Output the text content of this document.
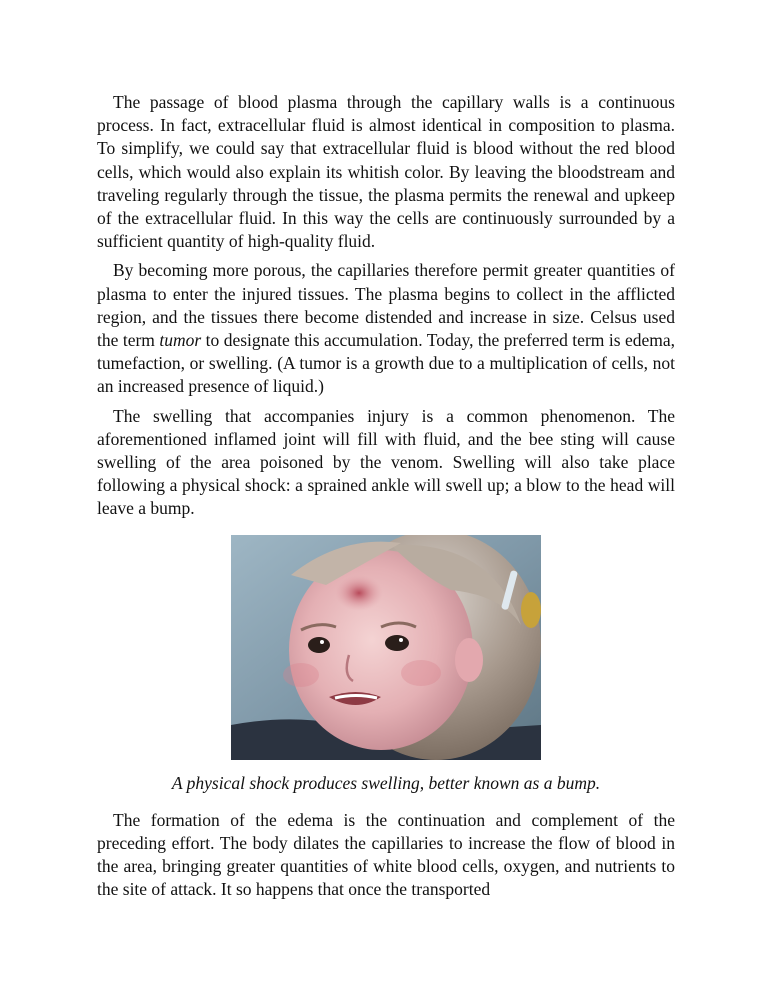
The passage of blood plasma through the capillary walls is a continuous process. In fact, extracellular fluid is almost identical in composition to plasma. To simplify, we could say that extracellular fluid is blood without the red blood cells, which would also explain its whitish color. By leaving the bloodstream and traveling regularly through the tissue, the plasma permits the renewal and upkeep of the extracellular fluid. In this way the cells are continuously surrounded by a sufficient quantity of high-quality fluid.

By becoming more porous, the capillaries therefore permit greater quantities of plasma to enter the injured tissues. The plasma begins to collect in the afflicted region, and the tissues there become distended and increase in size. Celsus used the term tumor to designate this accumulation. Today, the preferred term is edema, tumefaction, or swelling. (A tumor is a growth due to a multiplication of cells, not an increased presence of liquid.)

The swelling that accompanies injury is a common phenomenon. The aforementioned inflamed joint will fill with fluid, and the bee sting will cause swelling of the area poisoned by the venom. Swelling will also take place following a physical shock: a sprained ankle will swell up; a blow to the head will leave a bump.

A physical shock produces swelling, better known as a bump.

The formation of the edema is the continuation and complement of the preceding effort. The body dilates the capillaries to increase the flow of blood in the area, bringing greater quantities of white blood cells, oxygen, and nutrients to the site of attack. It so happens that once the transported
